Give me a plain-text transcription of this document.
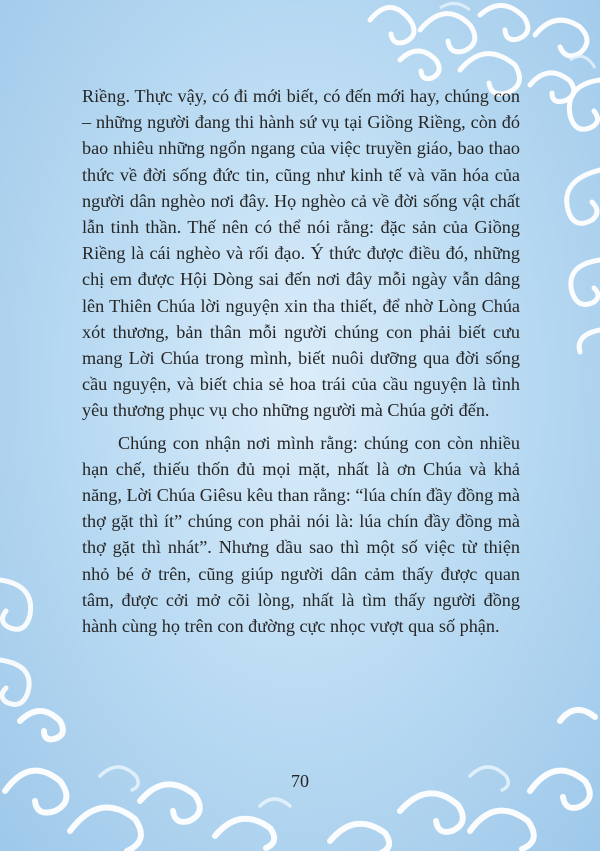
Riềng. Thực vậy, có đi mới biết, có đến mới hay, chúng con – những người đang thi hành sứ vụ tại Giồng Riềng, còn đó bao nhiêu những ngổn ngang của việc truyền giáo, bao thao thức về đời sống đức tin, cũng như kinh tế và văn hóa của người dân nghèo nơi đây. Họ nghèo cả về đời sống vật chất lẫn tinh thần. Thế nên có thể nói rằng: đặc sản của Giồng Riềng là cái nghèo và rối đạo. Ý thức được điều đó, những chị em được Hội Dòng sai đến nơi đây mỗi ngày vẫn dâng lên Thiên Chúa lời nguyện xin tha thiết, để nhờ Lòng Chúa xót thương, bản thân mỗi người chúng con phải biết cưu mang Lời Chúa trong mình, biết nuôi dưỡng qua đời sống cầu nguyện, và biết chia sẻ hoa trái của cầu nguyện là tình yêu thương phục vụ cho những người mà Chúa gởi đến.

Chúng con nhận nơi mình rằng: chúng con còn nhiều hạn chế, thiếu thốn đủ mọi mặt, nhất là ơn Chúa và khả năng, Lời Chúa Giêsu kêu than rằng: “lúa chín đầy đồng mà thợ gặt thì ít” chúng con phải nói là: lúa chín đầy đồng mà thợ gặt thì nhát”. Nhưng dầu sao thì một số việc từ thiện nhỏ bé ở trên, cũng giúp người dân cảm thấy được quan tâm, được cởi mở cõi lòng, nhất là tìm thấy người đồng hành cùng họ trên con đường cực nhọc vượt qua số phận.

70
